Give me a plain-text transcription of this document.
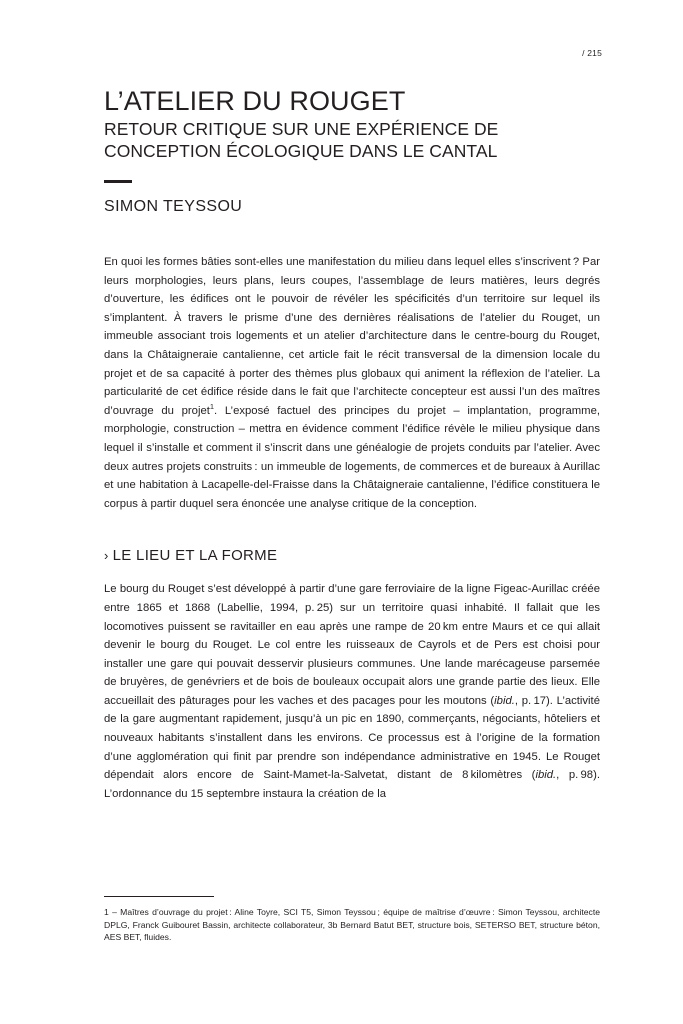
/ 215
L’ATELIER DU ROUGET
RETOUR CRITIQUE SUR UNE EXPÉRIENCE DE CONCEPTION ÉCOLOGIQUE DANS LE CANTAL
SIMON TEYSSOU

En quoi les formes bâties sont-elles une manifestation du milieu dans lequel elles s’inscrivent ? Par leurs morphologies, leurs plans, leurs coupes, l’assemblage de leurs matières, leurs degrés d’ouverture, les édifices ont le pouvoir de révéler les spécificités d’un territoire sur lequel ils s’implantent. À travers le prisme d’une des dernières réalisations de l’atelier du Rouget, un immeuble associant trois logements et un atelier d’architecture dans le centre-bourg du Rouget, dans la Châtaigneraie cantalienne, cet article fait le récit transversal de la dimension locale du projet et de sa capacité à porter des thèmes plus globaux qui animent la réflexion de l’atelier. La particularité de cet édifice réside dans le fait que l’architecte concepteur est aussi l’un des maîtres d’ouvrage du projet$^1$. L’exposé factuel des principes du projet – implantation, programme, morphologie, construction – mettra en évidence comment l’édifice révèle le milieu physique dans lequel il s’installe et comment il s’inscrit dans une généalogie de projets conduits par l’atelier. Avec deux autres projets construits : un immeuble de logements, de commerces et de bureaux à Aurillac et une habitation à Lacapelle-del-Fraisse dans la Châtaigneraie cantalienne, l’édifice constituera le corpus à partir duquel sera énoncée une analyse critique de la conception.

› LE LIEU ET LA FORME

Le bourg du Rouget s’est développé à partir d’une gare ferroviaire de la ligne Figeac-Aurillac créée entre 1865 et 1868 (Labellie, 1994, p. 25) sur un territoire quasi inhabité. Il fallait que les locomotives puissent se ravitailler en eau après une rampe de 20 km entre Maurs et ce qui allait devenir le bourg du Rouget. Le col entre les ruisseaux de Cayrols et de Pers est choisi pour installer une gare qui pouvait desservir plusieurs communes. Une lande marécageuse parsemée de bruyères, de genévriers et de bois de bouleaux occupait alors une grande partie des lieux. Elle accueillait des pâturages pour les vaches et des pacages pour les moutons (ibid., p. 17). L’activité de la gare augmentant rapidement, jusqu’à un pic en 1890, commerçants, négociants, hôteliers et nouveaux habitants s’installent dans les environs. Ce processus est à l’origine de la formation d’une agglomération qui finit par prendre son indépendance administrative en 1945. Le Rouget dépendait alors encore de Saint-Mamet-la-Salvetat, distant de 8 kilomètres (ibid., p. 98). L’ordonnance du 15 septembre instaura la création de la

1 – Maîtres d’ouvrage du projet : Aline Toyre, SCI T5, Simon Teyssou ; équipe de maîtrise d’œuvre : Simon Teyssou, architecte DPLG, Franck Guibouret Bassin, architecte collaborateur, 3b Bernard Batut BET, structure bois, SETERSO BET, structure béton, AES BET, fluides.
